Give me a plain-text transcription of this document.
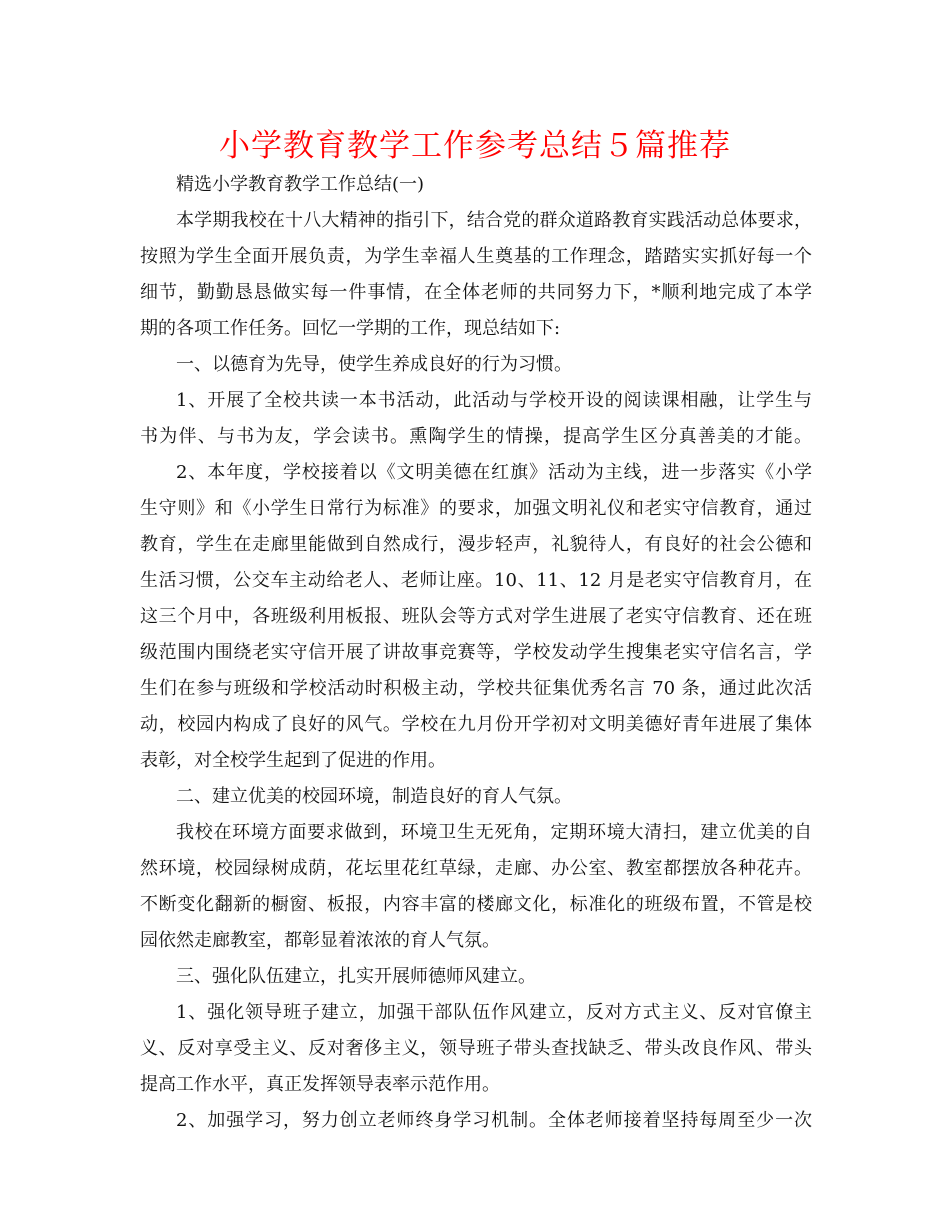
小学教育教学工作参考总结５篇推荐
精选小学教育教学工作总结(一)
本学期我校在十八大精神的指引下，结合党的群众道路教育实践活动总体要求，
按照为学生全面开展负责，为学生幸福人生奠基的工作理念，踏踏实实抓好每一个
细节，勤勤恳恳做实每一件事情，在全体老师的共同努力下，*顺利地完成了本学
期的各项工作任务。回忆一学期的工作，现总结如下:
一、以德育为先导，使学生养成良好的行为习惯。
1、开展了全校共读一本书活动，此活动与学校开设的阅读课相融，让学生与
书为伴、与书为友，学会读书。熏陶学生的情操，提高学生区分真善美的才能。
2、本年度，学校接着以《文明美德在红旗》活动为主线，进一步落实《小学
生守则》和《小学生日常行为标准》的要求，加强文明礼仪和老实守信教育，通过
教育，学生在走廊里能做到自然成行，漫步轻声，礼貌待人，有良好的社会公德和
生活习惯，公交车主动给老人、老师让座。10、11、12 月是老实守信教育月，在
这三个月中，各班级利用板报、班队会等方式对学生进展了老实守信教育、还在班
级范围内围绕老实守信开展了讲故事竞赛等，学校发动学生搜集老实守信名言，学
生们在参与班级和学校活动时积极主动，学校共征集优秀名言 70 条，通过此次活
动，校园内构成了良好的风气。学校在九月份开学初对文明美德好青年进展了集体
表彰，对全校学生起到了促进的作用。
二、建立优美的校园环境，制造良好的育人气氛。
我校在环境方面要求做到，环境卫生无死角，定期环境大清扫，建立优美的自
然环境，校园绿树成荫，花坛里花红草绿，走廊、办公室、教室都摆放各种花卉。
不断变化翻新的橱窗、板报，内容丰富的楼廊文化，标准化的班级布置，不管是校
园依然走廊教室，都彰显着浓浓的育人气氛。
三、强化队伍建立，扎实开展师德师风建立。
1、强化领导班子建立，加强干部队伍作风建立，反对方式主义、反对官僚主
义、反对享受主义、反对奢侈主义，领导班子带头查找缺乏、带头改良作风、带头
提高工作水平，真正发挥领导表率示范作用。
2、加强学习，努力创立老师终身学习机制。全体老师接着坚持每周至少一次
